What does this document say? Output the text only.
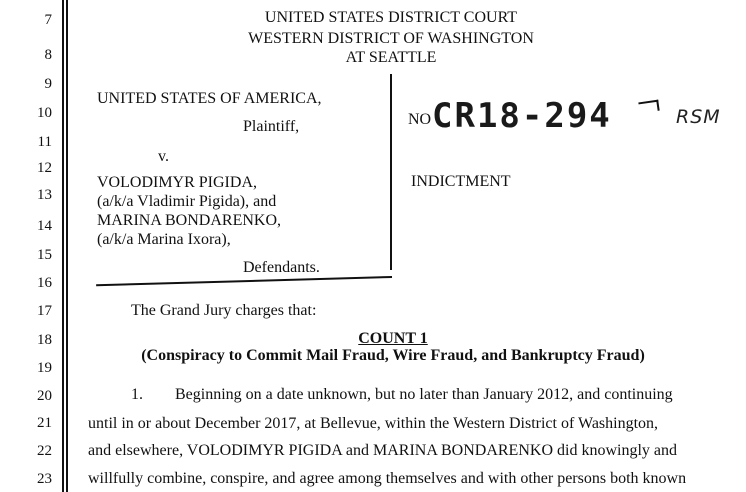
7
8
9
10
11
12
13
14
15
16
17
18
19
20
21
22
23
UNITED STATES DISTRICT COURT
WESTERN DISTRICT OF WASHINGTON
AT SEATTLE
UNITED STATES OF AMERICA,
Plaintiff,
v.
VOLODIMYR PIGIDA,
(a/k/a Vladimir Pigida), and
MARINA BONDARENKO,
(a/k/a Marina Ixora),
Defendants.
NO CR18-294	RSM
INDICTMENT
The Grand Jury charges that:
COUNT 1
(Conspiracy to Commit Mail Fraud, Wire Fraud, and Bankruptcy Fraud)
1. Beginning on a date unknown, but no later than January 2012, and continuing
until in or about December 2017, at Bellevue, within the Western District of Washington,
and elsewhere, VOLODIMYR PIGIDA and MARINA BONDARENKO did knowingly and
willfully combine, conspire, and agree among themselves and with other persons both known
